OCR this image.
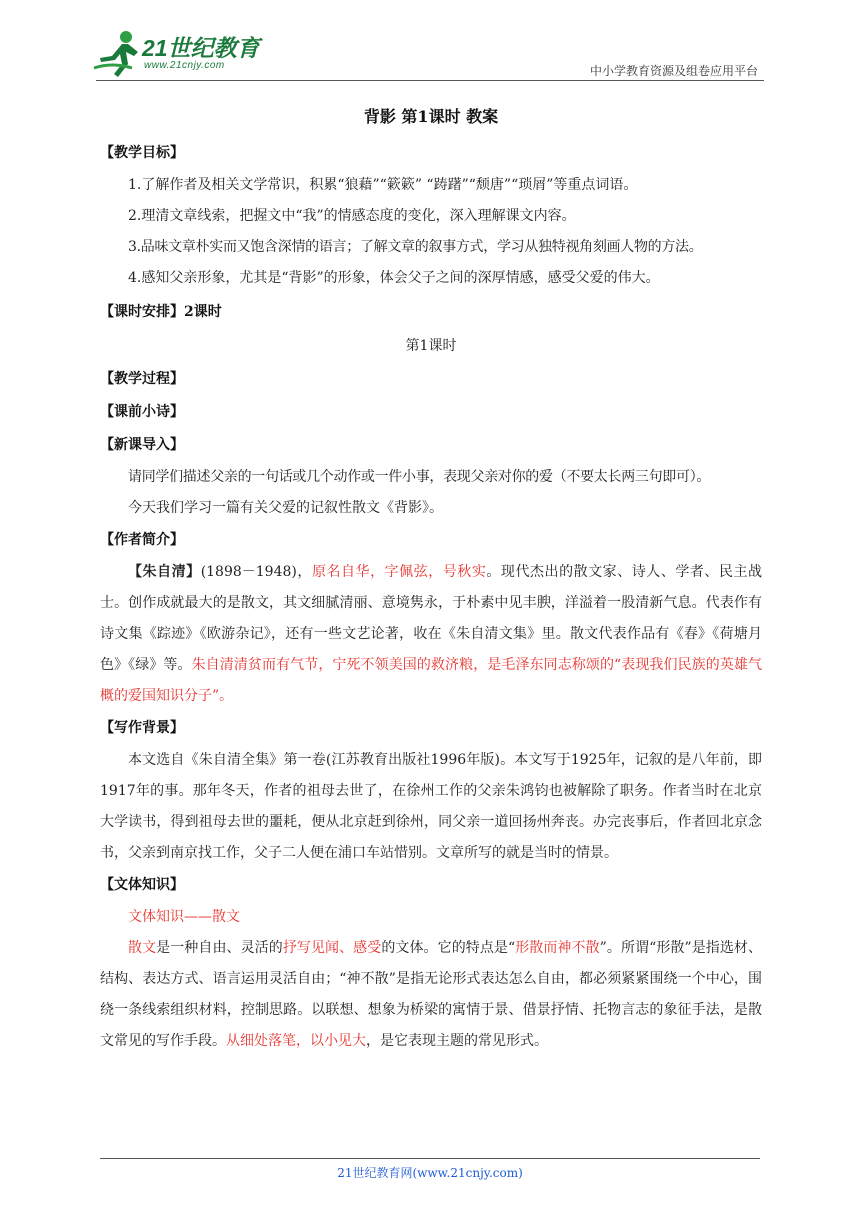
21世纪教育
www.21cnjy.com	中小学教育资源及组卷应用平台
背影 第1课时 教案
【教学目标】

1.了解作者及相关文学常识，积累“狼藉”“簌簌” “踌躇”“颓唐”“琐屑”等重点词语。

2.理清文章线索，把握文中“我”的情感态度的变化，深入理解课文内容。

3.品味文章朴实而又饱含深情的语言；了解文章的叙事方式，学习从独特视角刻画人物的方法。

4.感知父亲形象，尤其是“背影”的形象，体会父子之间的深厚情感，感受父爱的伟大。

【课时安排】2课时

第1课时

【教学过程】
【课前小诗】
【新课导入】

请同学们描述父亲的一句话或几个动作或一件小事，表现父亲对你的爱（不要太长两三句即可）。

今天我们学习一篇有关父爱的记叙性散文《背影》。

【作者简介】

【朱自清】(1898－1948)，原名自华，字佩弦，号秋实。现代杰出的散文家、诗人、学者、民主战士。创作成就最大的是散文，其文细腻清丽、意境隽永，于朴素中见丰腴，洋溢着一股清新气息。代表作有诗文集《踪迹》《欧游杂记》，还有一些文艺论著，收在《朱自清文集》里。散文代表作品有《春》《荷塘月色》《绿》等。朱自清清贫而有气节，宁死不领美国的救济粮，是毛泽东同志称颂的“表现我们民族的英雄气概的爱国知识分子”。

【写作背景】

本文选自《朱自清全集》第一卷(江苏教育出版社1996年版)。本文写于1925年，记叙的是八年前，即1917年的事。那年冬天，作者的祖母去世了，在徐州工作的父亲朱鸿钧也被解除了职务。作者当时在北京大学读书，得到祖母去世的噩耗，便从北京赶到徐州，同父亲一道回扬州奔丧。办完丧事后，作者回北京念书，父亲到南京找工作，父子二人便在浦口车站惜别。文章所写的就是当时的情景。

【文体知识】

文体知识——散文

散文是一种自由、灵活的抒写见闻、感受的文体。它的特点是“形散而神不散”。所谓“形散”是指选材、结构、表达方式、语言运用灵活自由；“神不散”是指无论形式表达怎么自由，都必须紧紧围绕一个中心，围绕一条线索组织材料，控制思路。以联想、想象为桥梁的寓情于景、借景抒情、托物言志的象征手法，是散文常见的写作手段。从细处落笔，以小见大，是它表现主题的常见形式。

21世纪教育网(www.21cnjy.com)
